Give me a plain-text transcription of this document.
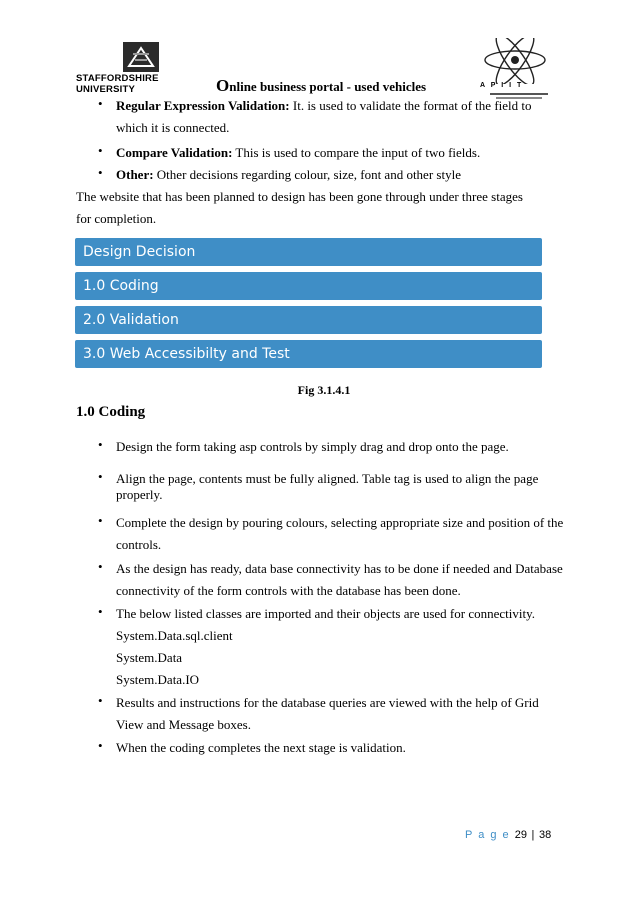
STAFFORDSHIRE
UNIVERSITY	Online business portal - used vehicles	A P I I T
• Regular Expression Validation: It. is used to validate the format of the field to
which it is connected.
• Compare Validation: This is used to compare the input of two fields.
• Other: Other decisions regarding colour, size, font and other style
The website that has been planned to design has been gone through under three stages
for completion.
Design Decision
1.0 Coding
2.0 Validation
3.0 Web Accessibilty and Test
Fig 3.1.4.1
1.0 Coding
• Design the form taking asp controls by simply drag and drop onto the page.
• Align the page, contents must be fully aligned. Table tag is used to align the page
properly.
• Complete the design by pouring colours, selecting appropriate size and position of the
controls.
• As the design has ready, data base connectivity has to be done if needed and Database
connectivity of the form controls with the database has been done.
• The below listed classes are imported and their objects are used for connectivity.
System.Data.sql.client
System.Data
System.Data.IO
• Results and instructions for the database queries are viewed with the help of Grid
View and Message boxes.
• When the coding completes the next stage is validation.
P a g e 29 | 38
